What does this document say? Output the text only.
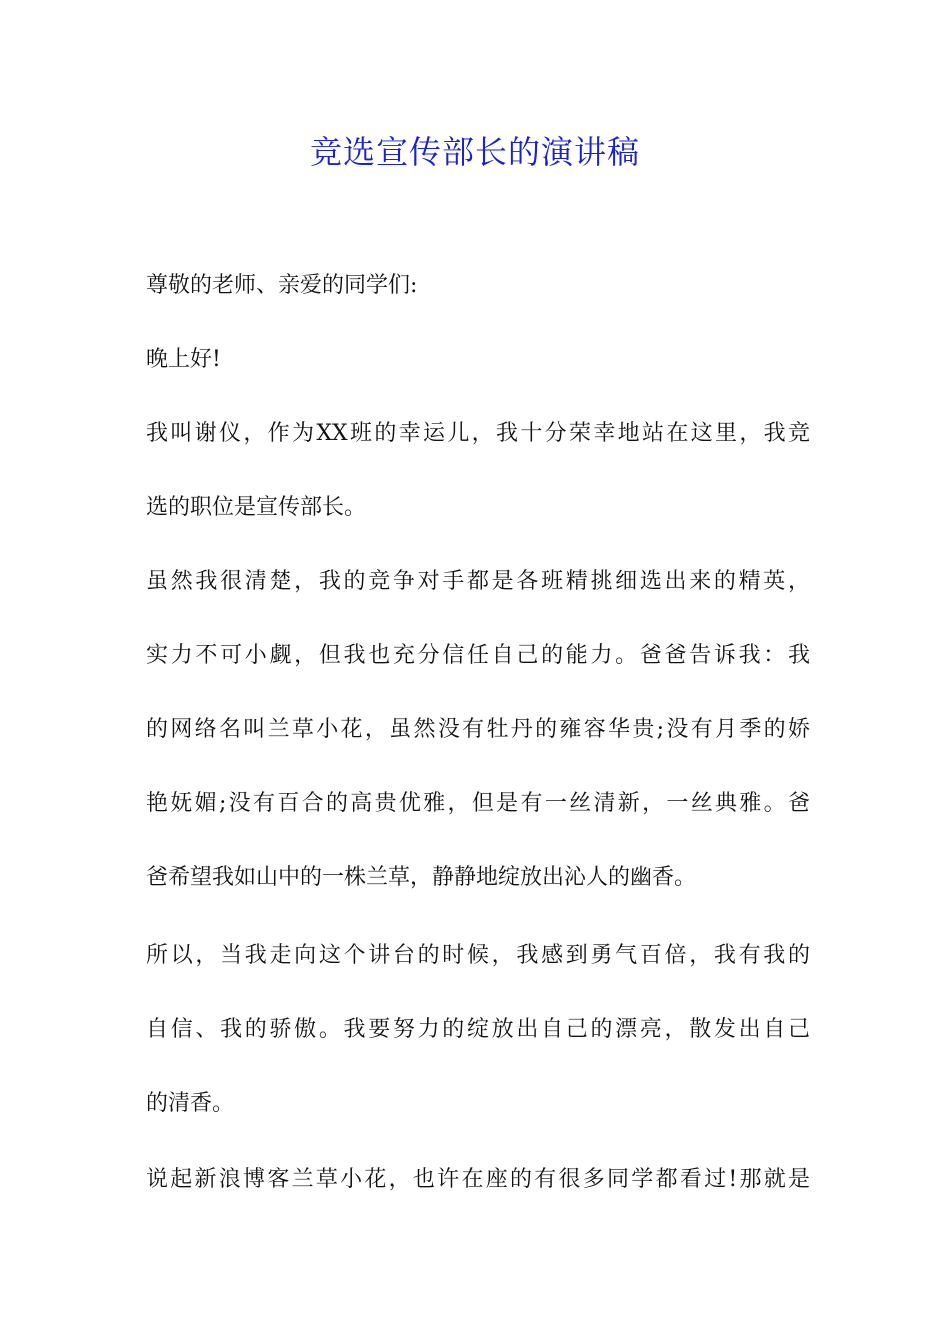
竞选宣传部长的演讲稿
尊敬的老师、亲爱的同学们:
晚上好!
我叫谢仪，作为XX班的幸运儿，我十分荣幸地站在这里，我竞
选的职位是宣传部长。
虽然我很清楚，我的竞争对手都是各班精挑细选出来的精英，
实力不可小觑，但我也充分信任自己的能力。爸爸告诉我：我
的网络名叫兰草小花，虽然没有牡丹的雍容华贵;没有月季的娇
艳妩媚;没有百合的高贵优雅，但是有一丝清新，一丝典雅。爸
爸希望我如山中的一株兰草，静静地绽放出沁人的幽香。
所以，当我走向这个讲台的时候，我感到勇气百倍，我有我的
自信、我的骄傲。我要努力的绽放出自己的漂亮，散发出自己
的清香。
说起新浪博客兰草小花，也许在座的有很多同学都看过!那就是
